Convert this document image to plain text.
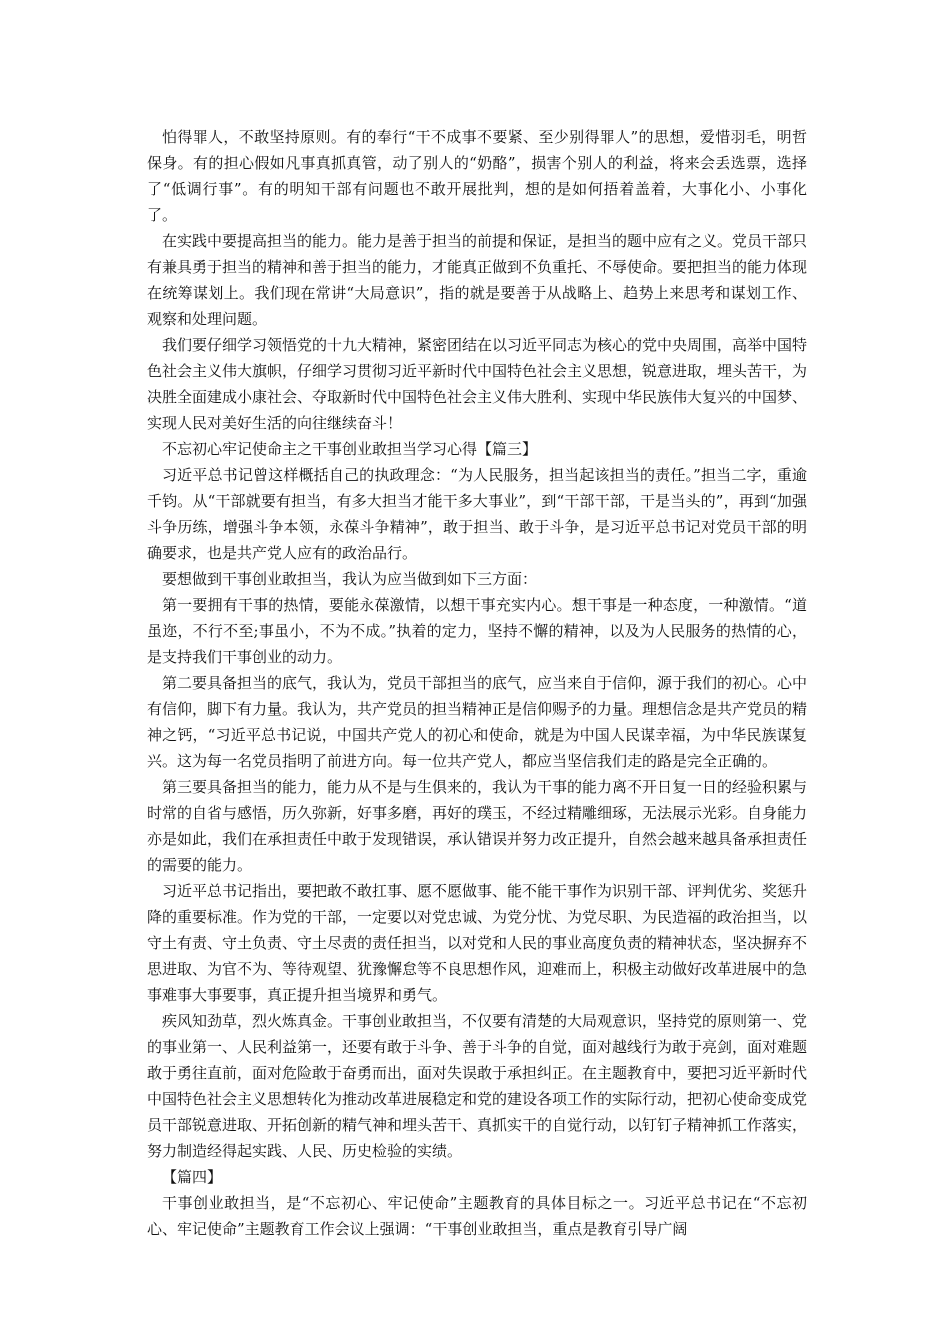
怕得罪人，不敢坚持原则。有的奉行“干不成事不要紧、至少别得罪人”的思想，爱惜羽毛，明哲保身。有的担心假如凡事真抓真管，动了别人的“奶酪”，损害个别人的利益，将来会丢选票，选择了“低调行事”。有的明知干部有问题也不敢开展批判，想的是如何捂着盖着，大事化小、小事化了。

在实践中要提高担当的能力。能力是善于担当的前提和保证，是担当的题中应有之义。党员干部只有兼具勇于担当的精神和善于担当的能力，才能真正做到不负重托、不辱使命。要把担当的能力体现在统筹谋划上。我们现在常讲“大局意识”，指的就是要善于从战略上、趋势上来思考和谋划工作、观察和处理问题。

我们要仔细学习领悟党的十九大精神，紧密团结在以习近平同志为核心的党中央周围，高举中国特色社会主义伟大旗帜，仔细学习贯彻习近平新时代中国特色社会主义思想，锐意进取，埋头苦干，为决胜全面建成小康社会、夺取新时代中国特色社会主义伟大胜利、实现中华民族伟大复兴的中国梦、实现人民对美好生活的向往继续奋斗！

不忘初心牢记使命主之干事创业敢担当学习心得【篇三】

习近平总书记曾这样概括自己的执政理念：“为人民服务，担当起该担当的责任。”担当二字，重逾千钧。从“干部就要有担当，有多大担当才能干多大事业”，到“干部干部，干是当头的”，再到“加强斗争历练，增强斗争本领，永葆斗争精神”，敢于担当、敢于斗争，是习近平总书记对党员干部的明确要求，也是共产党人应有的政治品行。

要想做到干事创业敢担当，我认为应当做到如下三方面：

第一要拥有干事的热情，要能永葆激情，以想干事充实内心。想干事是一种态度，一种激情。“道虽迩，不行不至;事虽小，不为不成。”执着的定力，坚持不懈的精神，以及为人民服务的热情的心，是支持我们干事创业的动力。

第二要具备担当的底气，我认为，党员干部担当的底气，应当来自于信仰，源于我们的初心。心中有信仰，脚下有力量。我认为，共产党员的担当精神正是信仰赐予的力量。理想信念是共产党员的精神之钙，“习近平总书记说，中国共产党人的初心和使命，就是为中国人民谋幸福，为中华民族谋复兴。这为每一名党员指明了前进方向。每一位共产党人，都应当坚信我们走的路是完全正确的。

第三要具备担当的能力，能力从不是与生俱来的，我认为干事的能力离不开日复一日的经验积累与时常的自省与感悟，历久弥新，好事多磨，再好的璞玉，不经过精雕细琢，无法展示光彩。自身能力亦是如此，我们在承担责任中敢于发现错误，承认错误并努力改正提升，自然会越来越具备承担责任的需要的能力。

习近平总书记指出，要把敢不敢扛事、愿不愿做事、能不能干事作为识别干部、评判优劣、奖惩升降的重要标准。作为党的干部，一定要以对党忠诚、为党分忧、为党尽职、为民造福的政治担当，以守土有责、守土负责、守土尽责的责任担当，以对党和人民的事业高度负责的精神状态，坚决摒弃不思进取、为官不为、等待观望、犹豫懈怠等不良思想作风，迎难而上，积极主动做好改革进展中的急事难事大事要事，真正提升担当境界和勇气。

疾风知劲草，烈火炼真金。干事创业敢担当，不仅要有清楚的大局观意识，坚持党的原则第一、党的事业第一、人民利益第一，还要有敢于斗争、善于斗争的自觉，面对越线行为敢于亮剑，面对难题敢于勇往直前，面对危险敢于奋勇而出，面对失误敢于承担纠正。在主题教育中，要把习近平新时代中国特色社会主义思想转化为推动改革进展稳定和党的建设各项工作的实际行动，把初心使命变成党员干部锐意进取、开拓创新的精气神和埋头苦干、真抓实干的自觉行动，以钉钉子精神抓工作落实，努力制造经得起实践、人民、历史检验的实绩。

【篇四】

干事创业敢担当，是“不忘初心、牢记使命”主题教育的具体目标之一。习近平总书记在“不忘初心、牢记使命”主题教育工作会议上强调：“干事创业敢担当，重点是教育引导广阔
